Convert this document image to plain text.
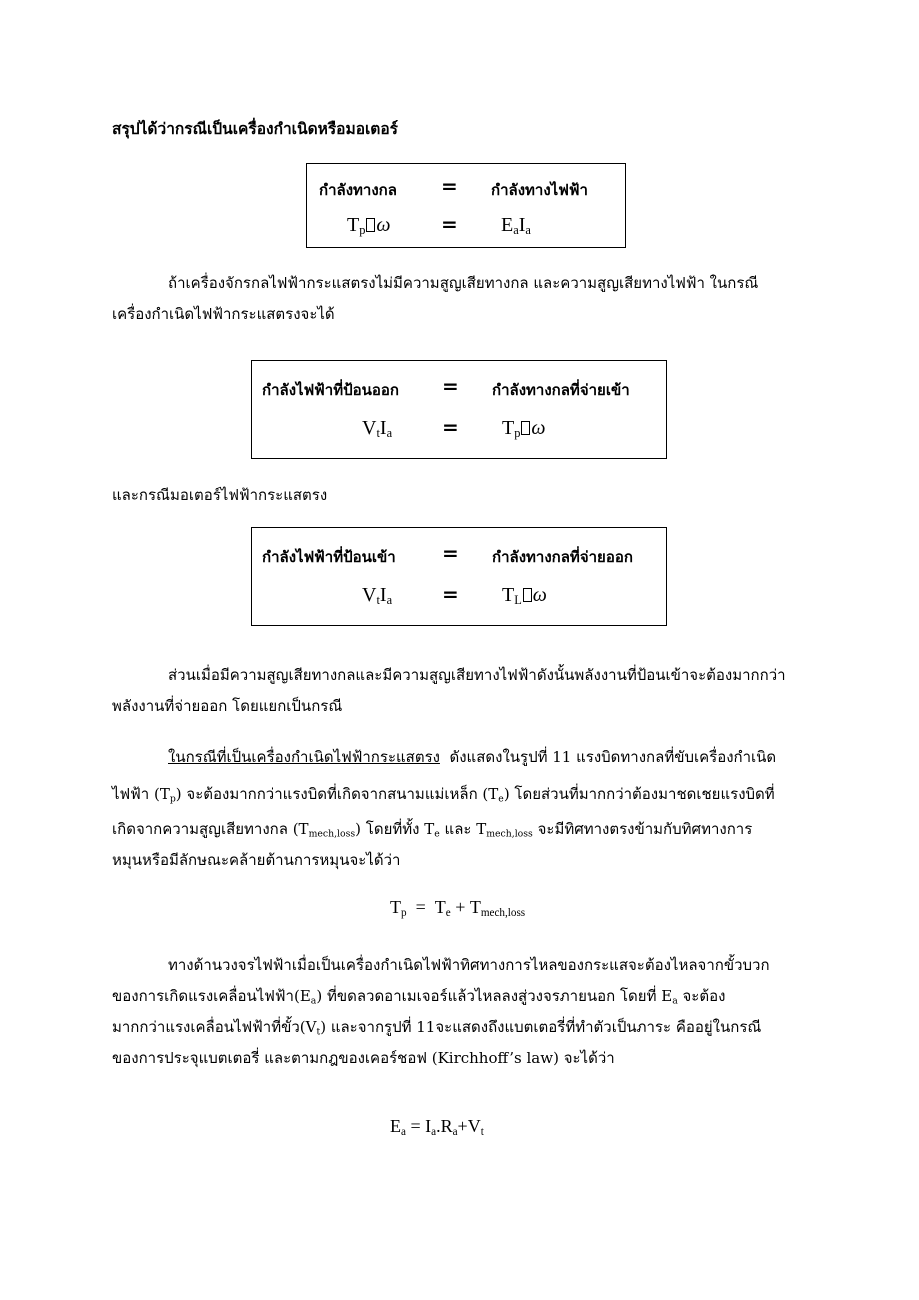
สรุปได้ว่ากรณีเป็นเครื่องกำเนิดหรือมอเตอร์
กำลังทางกล = กำลังทางไฟฟ้า
$T_p$ ω	= $E_aI_a$
ถ้าเครื่องจักรกลไฟฟ้ากระแสตรงไม่มีความสูญเสียทางกล และความสูญเสียทางไฟฟ้า ในกรณี
เครื่องกำเนิดไฟฟ้ากระแสตรงจะได้
กำลังไฟฟ้าที่ป้อนออก = กำลังทางกลที่จ่ายเข้า
$V_tI_a = T_p$ ω
และกรณีมอเตอร์ไฟฟ้ากระแสตรง
กำลังไฟฟ้าที่ป้อนเข้า = กำลังทางกลที่จ่ายออก
$V_tI_a = T_L$ ω
ส่วนเมื่อมีความสูญเสียทางกลและมีความสูญเสียทางไฟฟ้าดังนั้นพลังงานที่ป้อนเข้าจะต้องมากกว่า
พลังงานที่จ่ายออก โดยแยกเป็นกรณี
ในกรณีที่เป็นเครื่องกำเนิดไฟฟ้ากระแสตรง  ดังแสดงในรูปที่ 11 แรงบิดทางกลที่ขับเครื่องกำเนิด
ไฟฟ้า $(T_p)$ จะต้องมากกว่าแรงบิดที่เกิดจากสนามแม่เหล็ก $(T_e)$ โดยส่วนที่มากกว่าต้องมาชดเชยแรงบิดที่
เกิดจากความสูญเสียทางกล $(T_{mech,loss})$ โดยที่ทั้ง $T_e$ และ $T_{mech,loss}$ จะมีทิศทางตรงข้ามกับทิศทางการ
หมุนหรือมีลักษณะคล้ายต้านการหมุนจะได้ว่า
$T_p = T_e + T_{mech,loss}$
ทางด้านวงจรไฟฟ้าเมื่อเป็นเครื่องกำเนิดไฟฟ้าทิศทางการไหลของกระแสจะต้องไหลจากขั้วบวก
ของการเกิดแรงเคลื่อนไฟฟ้า$(E_a)$ ที่ขดลวดอาเมเจอร์แล้วไหลลงสู่วงจรภายนอก โดยที่ $E_a$ จะต้อง
มากกว่าแรงเคลื่อนไฟฟ้าที่ขั้ว$(V_t)$ และจากรูปที่ 11จะแสดงถึงแบตเตอรี่ที่ทำตัวเป็นภาระ คืออยู่ในกรณี
ของการประจุแบตเตอรี่ และตามกฎของเคอร์ชอฟ (Kirchhoff’s law) จะได้ว่า
$E_a = I_a.R_a+V_t$
